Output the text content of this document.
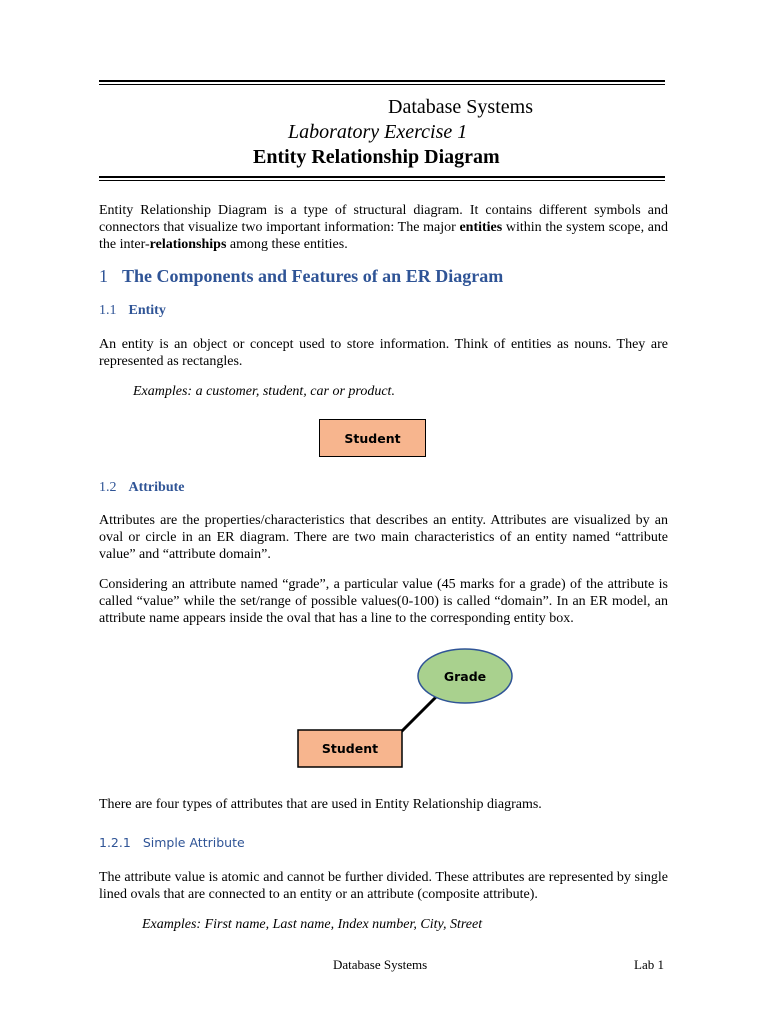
Database Systems
Laboratory Exercise 1
Entity Relationship Diagram
Entity Relationship Diagram is a type of structural diagram. It contains different symbols and connectors that visualize two important information: The major entities within the system scope, and the inter-relationships among these entities.
1 The Components and Features of an ER Diagram
1.1 Entity
An entity is an object or concept used to store information. Think of entities as nouns. They are represented as rectangles.
Examples: a customer, student, car or product.
Student
1.2 Attribute
Attributes are the properties/characteristics that describes an entity. Attributes are visualized by an oval or circle in an ER diagram. There are two main characteristics of an entity named “attribute value” and “attribute domain”.
Considering an attribute named “grade”, a particular value (45 marks for a grade) of the attribute is called “value” while the set/range of possible values(0-100) is called “domain”. In an ER model, an attribute name appears inside the oval that has a line to the corresponding entity box.
Grade
Student
There are four types of attributes that are used in Entity Relationship diagrams.
1.2.1 Simple Attribute
The attribute value is atomic and cannot be further divided. These attributes are represented by single lined ovals that are connected to an entity or an attribute (composite attribute).
Examples: First name, Last name, Index number, City, Street
Database Systems	Lab 1
